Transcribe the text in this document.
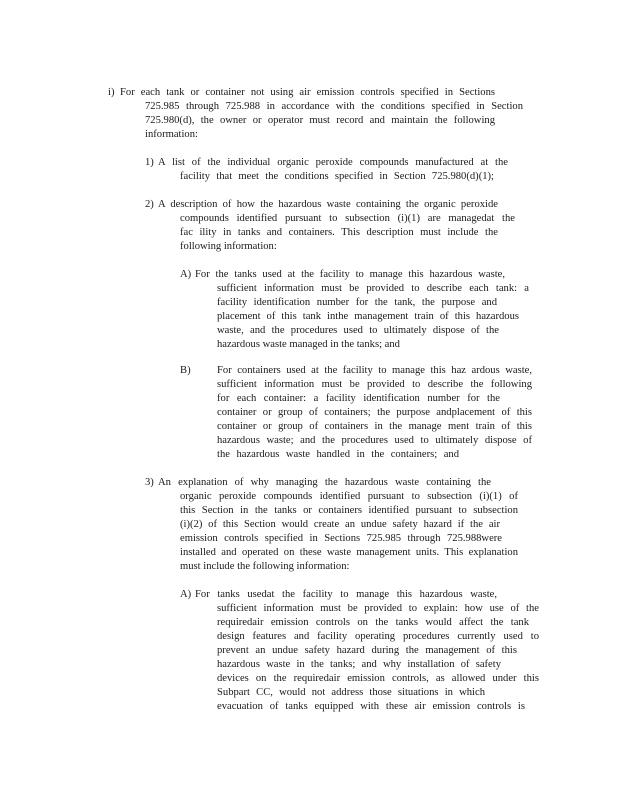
i) For each tank or container not using air emission controls specified in Sections
725.985 through 725.988 in accordance with the conditions specified in Section
725.980(d), the owner or operator must record and maintain the following
information:
1) A list of the individual organic peroxide compounds manufactured at the
facility that meet the conditions specified in Section 725.980(d)(1);
2) A description of how the hazardous waste containing the organic peroxide
compounds identified pursuant to subsection (i)(1) are managedat the
fac ility in tanks and containers. This description must include the
following information:
A) For the tanks used at the facility to manage this hazardous waste,
sufficient information must be provided to describe each tank: a
facility identification number for the tank, the purpose and
placement of this tank inthe management train of this hazardous
waste, and the procedures used to ultimately dispose of the
hazardous waste managed in the tanks; and
B) For containers used at the facility to manage this haz ardous waste,
sufficient information must be provided to describe the following
for each container: a facility identification number for the
container or group of containers; the purpose andplacement of this
container or group of containers in the manage ment train of this
hazardous waste; and the procedures used to ultimately dispose of
the hazardous waste handled in the containers; and
3) An explanation of why managing the hazardous waste containing the
organic peroxide compounds identified pursuant to subsection (i)(1) of
this Section in the tanks or containers identified pursuant to subsection
(i)(2) of this Section would create an undue safety hazard if the air
emission controls specified in Sections 725.985 through 725.988were
installed and operated on these waste management units. This explanation
must include the following information:
A) For tanks usedat the facility to manage this hazardous waste,
sufficient information must be provided to explain: how use of the
requiredair emission controls on the tanks would affect the tank
design features and facility operating procedures currently used to
prevent an undue safety hazard during the management of this
hazardous waste in the tanks; and why installation of safety
devices on the requiredair emission controls, as allowed under this
Subpart CC, would not address those situations in which
evacuation of tanks equipped with these air emission controls is
